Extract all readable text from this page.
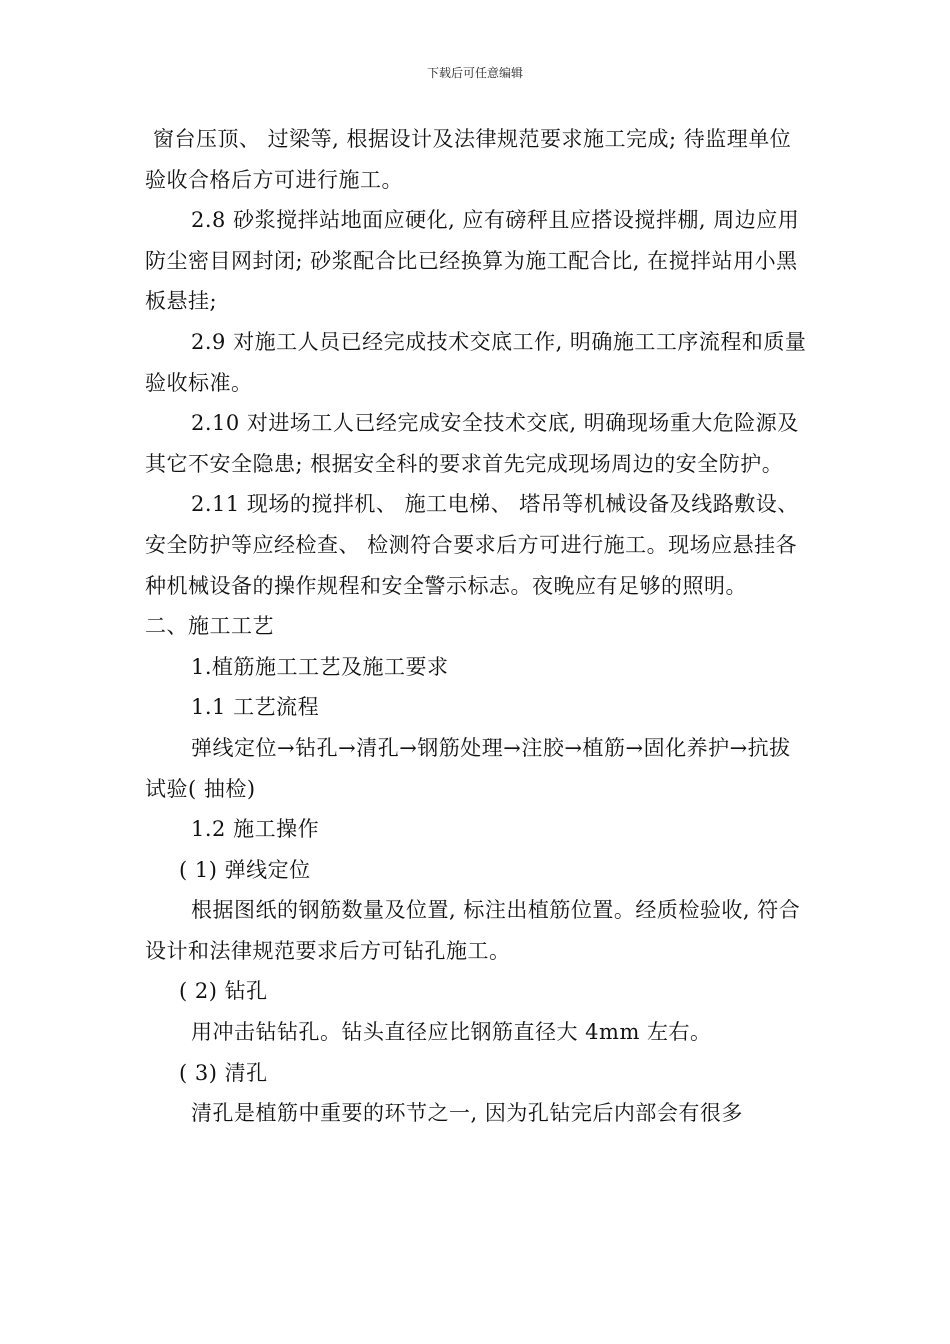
下载后可任意编辑

窗台压顶、 过梁等, 根据设计及法律规范要求施工完成; 待监理单位验收合格后方可进行施工。

2.8 砂浆搅拌站地面应硬化, 应有磅秤且应搭设搅拌棚, 周边应用防尘密目网封闭; 砂浆配合比已经换算为施工配合比, 在搅拌站用小黑板悬挂;

2.9 对施工人员已经完成技术交底工作, 明确施工工序流程和质量验收标准。

2.10 对进场工人已经完成安全技术交底, 明确现场重大危险源及其它不安全隐患; 根据安全科的要求首先完成现场周边的安全防护。

2.11 现场的搅拌机、 施工电梯、 塔吊等机械设备及线路敷设、 安全防护等应经检查、 检测符合要求后方可进行施工。现场应悬挂各种机械设备的操作规程和安全警示标志。夜晚应有足够的照明。

二、施工工艺

1.植筋施工工艺及施工要求

1.1 工艺流程

弹线定位→钻孔→清孔→钢筋处理→注胶→植筋→固化养护→抗拔试验( 抽检)

1.2 施工操作

( 1) 弹线定位

根据图纸的钢筋数量及位置, 标注出植筋位置。经质检验收, 符合设计和法律规范要求后方可钻孔施工。

( 2) 钻孔

用冲击钻钻孔。钻头直径应比钢筋直径大 4mm 左右。

( 3) 清孔

清孔是植筋中重要的环节之一, 因为孔钻完后内部会有很多
